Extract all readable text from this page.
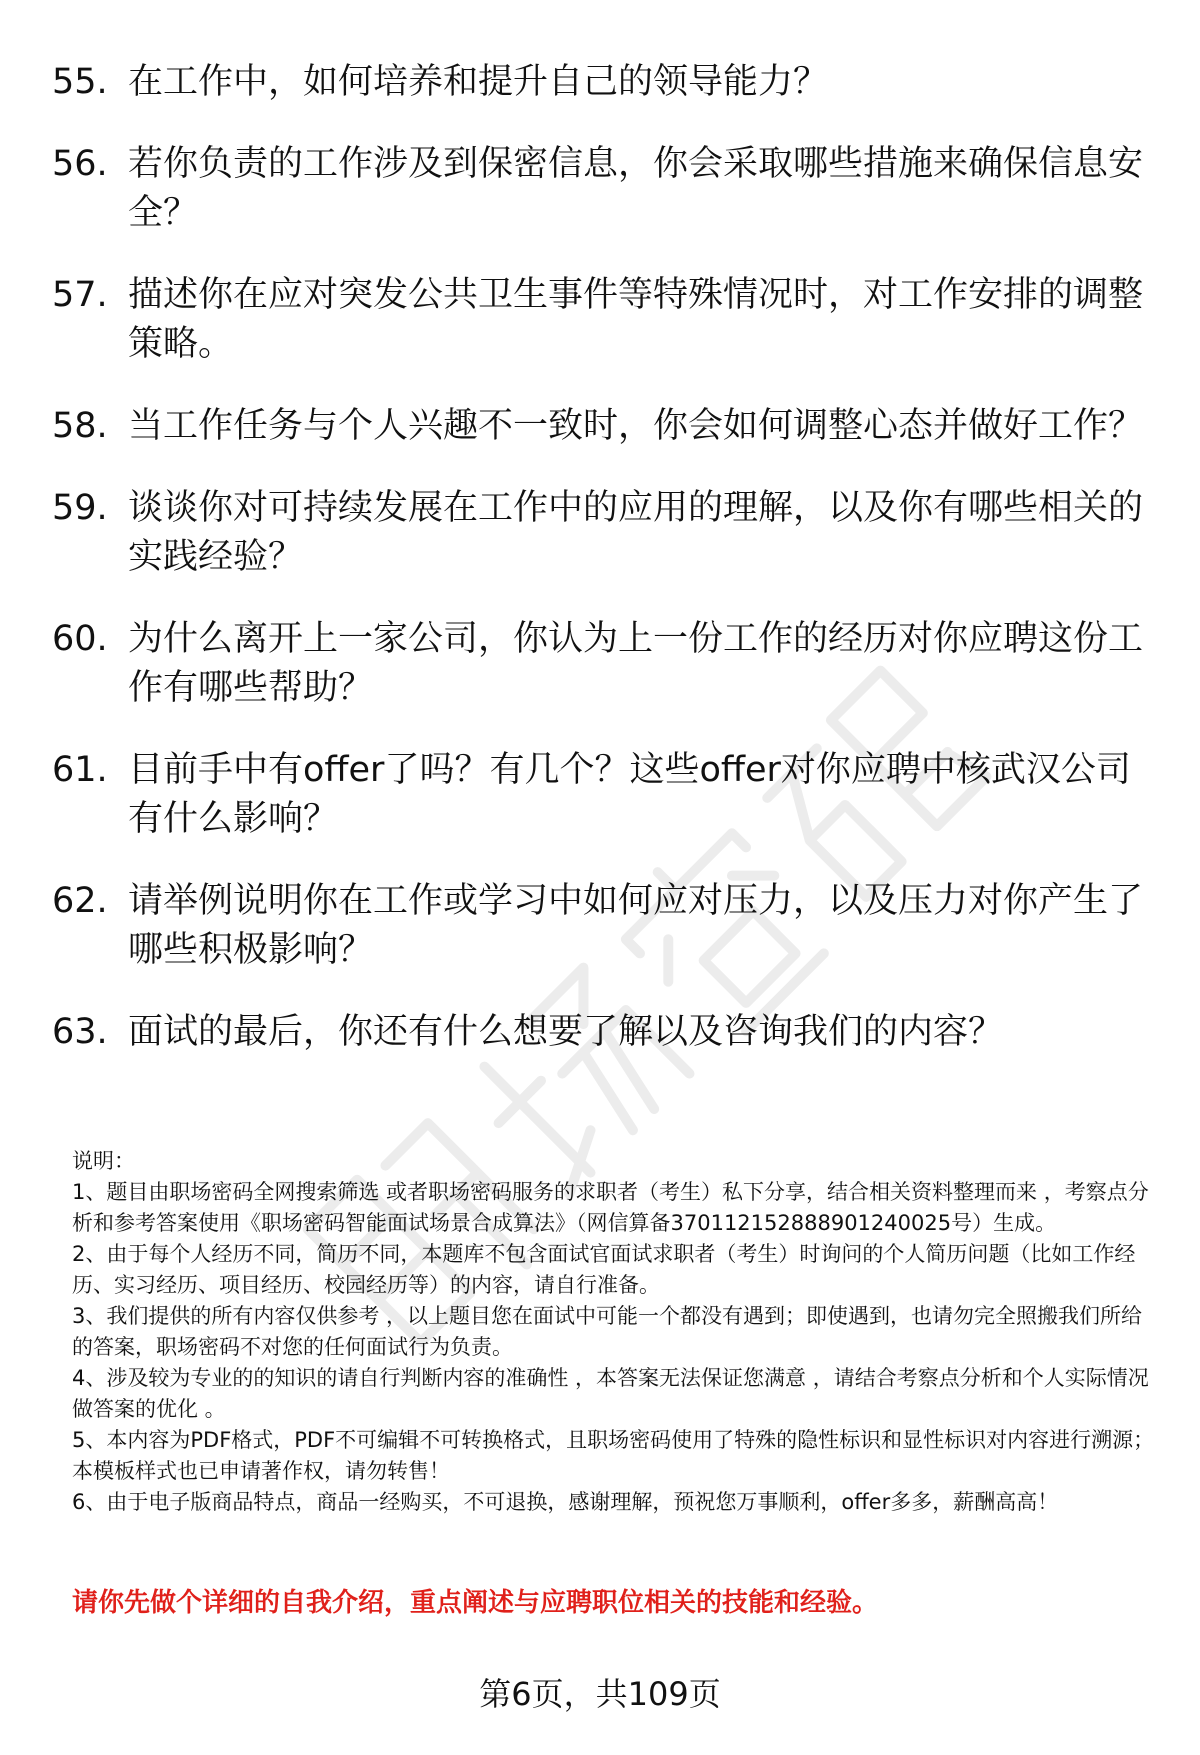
55. 在工作中，如何培养和提升自己的领导能力？
56. 若你负责的工作涉及到保密信息，你会采取哪些措施来确保信息安全？
57. 描述你在应对突发公共卫生事件等特殊情况时，对工作安排的调整策略。
58. 当工作任务与个人兴趣不一致时，你会如何调整心态并做好工作？
59. 谈谈你对可持续发展在工作中的应用的理解，以及你有哪些相关的实践经验？
60. 为什么离开上一家公司，你认为上一份工作的经历对你应聘这份工作有哪些帮助？
61. 目前手中有offer了吗？有几个？这些offer对你应聘中核武汉公司有什么影响？
62. 请举例说明你在工作或学习中如何应对压力，以及压力对你产生了哪些积极影响？
63. 面试的最后，你还有什么想要了解以及咨询我们的内容？

说明：

1、题目由职场密码全网搜索筛选 或者职场密码服务的求职者（考生）私下分享，结合相关资料整理而来 ，考察点分析和参考答案使用《职场密码智能面试场景合成算法》（网信算备370112152888901240025号）生成。

2、由于每个人经历不同，简历不同，本题库不包含面试官面试求职者（考生）时询问的个人简历问题（比如工作经历、实习经历、项目经历、校园经历等）的内容，请自行准备。

3、我们提供的所有内容仅供参考 ，以上题目您在面试中可能一个都没有遇到；即使遇到，也请勿完全照搬我们所给的答案，职场密码不对您的任何面试行为负责。

4、涉及较为专业的的知识的请自行判断内容的准确性 ，本答案无法保证您满意 ，请结合考察点分析和个人实际情况做答案的优化 。

5、本内容为PDF格式，PDF不可编辑不可转换格式，且职场密码使用了特殊的隐性标识和显性标识对内容进行溯源；本模板样式也已申请著作权，请勿转售！

6、由于电子版商品特点，商品一经购买，不可退换，感谢理解，预祝您万事顺利，offer多多，薪酬高高！

请你先做个详细的自我介绍，重点阐述与应聘职位相关的技能和经验。
第6页，共109页
